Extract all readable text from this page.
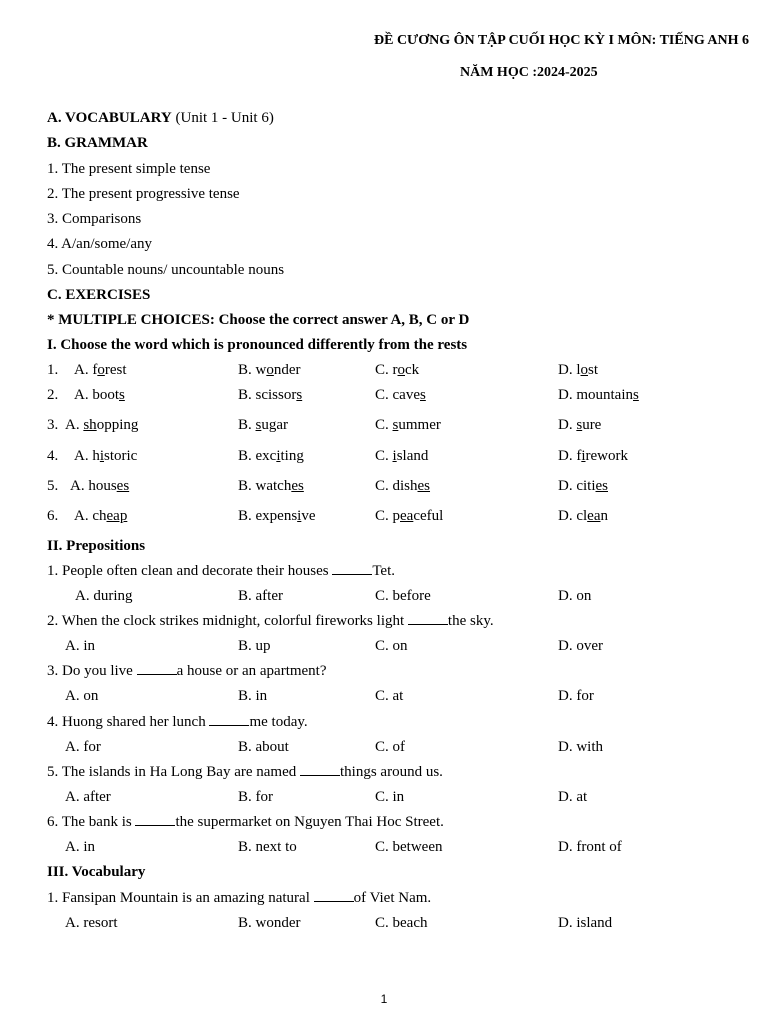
ĐỀ CƯƠNG ÔN TẬP CUỐI HỌC KỲ I MÔN: TIẾNG ANH 6
NĂM HỌC :2024-2025
A. VOCABULARY (Unit 1 - Unit 6)
B. GRAMMAR
1. The present simple tense
2. The present progressive tense
3. Comparisons
4. A/an/some/any
5. Countable nouns/ uncountable nouns
C. EXERCISES
* MULTIPLE CHOICES: Choose the correct answer A, B, C or D
I. Choose the word which is pronounced differently from the rests
1. A. forest	B. wonder	C. rock	D. lost
2. A. boots	B. scissors	C. caves	D. mountains
3. A. shopping	B. sugar	C. summer	D. sure
4. A. historic	B. exciting	C. island	D. firework
5. A. houses	B. watches	C. dishes	D. cities
6. A. cheap	B. expensive	C. peaceful	D. clean
II. Prepositions
1. People often clean and decorate their houses	Tet.
A. during	B. after	C. before	D. on
2. When the clock strikes midnight, colorful fireworks light	the sky.
A. in	B. up	C. on	D. over
3. Do you live	a house or an apartment?
A. on	B. in	C. at	D. for
4. Huong shared her lunch	me today.
A. for	B. about	C. of	D. with
5. The islands in Ha Long Bay are named	things around us.
A. after	B. for	C. in	D. at
6. The bank is	the supermarket on Nguyen Thai Hoc Street.
A. in	B. next to	C. between	D. front of
III. Vocabulary
1. Fansipan Mountain is an amazing natural	of Viet Nam.
A. resort	B. wonder	C. beach	D. island
1
